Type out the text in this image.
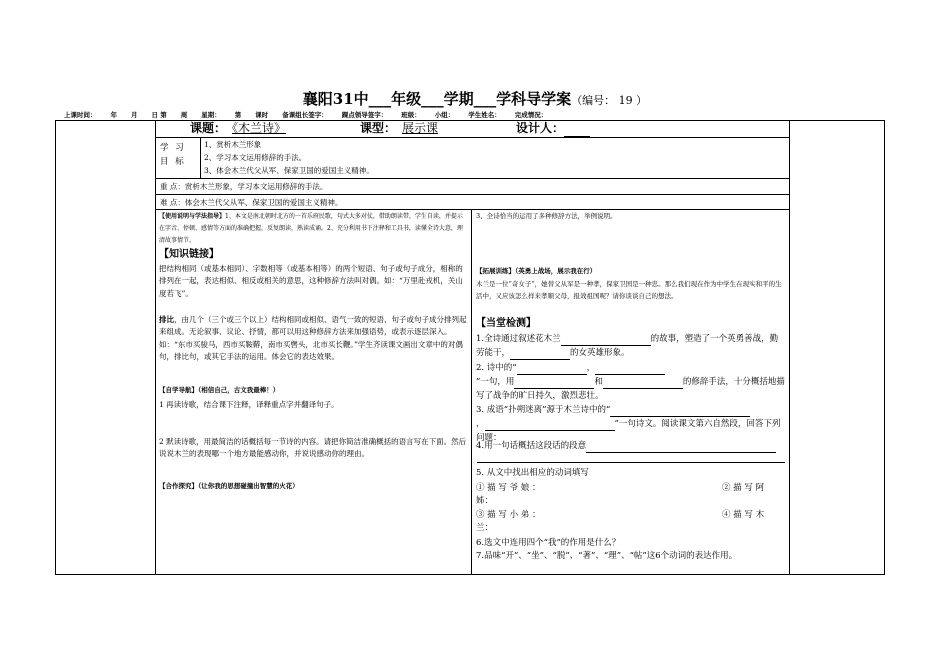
襄阳31中___年级___学期___学科导学案（编号： 19 ）
上课时间： 年 月 日 第 周 星期： 第 课时 备课组长签字： 踝点领导签字： 班级： 小组： 学生姓名： 完成情况：
课题： 《木兰诗》	课型： 展示课	设计人：
学 习 目 标
1、赏析木兰形象
2、学习本文运用修辞的手法。
3、体会木兰代父从军、保家卫国的爱国主义精神。
重 点：赏析木兰形象，学习本文运用修辞的手法。
难 点：体会木兰代父从军、保家卫国的爱国主义精神。
【使用说明与学法指导】1、本文是南北朝时北方的一首乐府民歌，句式大多对仗，借助朗读带，学生自读，并提示在字音、停顿、感情等方面的准确把握，反复朗读，熟读成诵。2、充分利用书下注释和工具书，读懂全诗大意，理清故事情节。
【知识链接】
把结构相同（或基本相同）、字数相等（或基本相等）的两个短语、句子或句子成分，相称的排列在一起，表达相似、相反或相关的意思，这种修辞方法叫对偶。如：“万里赴戎机，关山度若飞”。
排比，由几个（三个或三个以上）结构相同或相似、语气一致的短语、句子或句子成分排列起来组成。无论叙事、议论、抒情，都可以用这种修辞方法来加强语势，或表示逐层深入。如：“东市买骏马，西市买鞍鞯，南市买辔头，北市买长鞭。”学生齐读课文画出文章中的对偶句，排比句，或其它手法的运用。体会它的表达效果。
【自学导航】（相信自己，古文我最棒！）
1 再读诗歌，结合课下注释，译释重点字并翻译句子。
2 默读诗歌，用最简洁的话概括每一节诗的内容。请把你简洁准确概括的语言写在下面。然后说说木兰的表现哪一个地方最能感动你，并说说感动你的理由。
【合作探究】（让你我的思想碰撞出智慧的火花）
3、全诗恰当的运用了多种修辞方法，举例说明。
【拓展训练】（英勇上战场，展示我在行）
木兰是一位“奇女子”，她替父从军是一种孝，保家卫国是一种忠。那么我们现在作为中学生在现实和平的生活中，又应该怎么样来孝顺父母，报效祖国呢？请你谈谈自己的想法。
【当堂检测】
1.全诗通过叙述花木兰	的故事，塑造了一个英勇善战，勤劳能干，	的女英雄形象。
2. 诗中的“	，
”一句，用	和	的修辞手法，十分概括地描写了战争的旷日持久，激烈悲壮。
3. 成语“扑朔迷离”源于木兰诗中的“
，	”一句诗文。阅读课文第六自然段，回答下列问题：
4.用一句话概括这段话的段意
5. 从文中找出相应的动词填写
① 描 写 爷 娘 ：	② 描 写 阿
姊：
③ 描 写 小 弟 ：	④ 描 写 木
兰：
6.选文中连用四个“我”的作用是什么？
7.品味“开”、“坐”、“脱”、“著”、“理”、“帖”这6个动词的表达作用。
